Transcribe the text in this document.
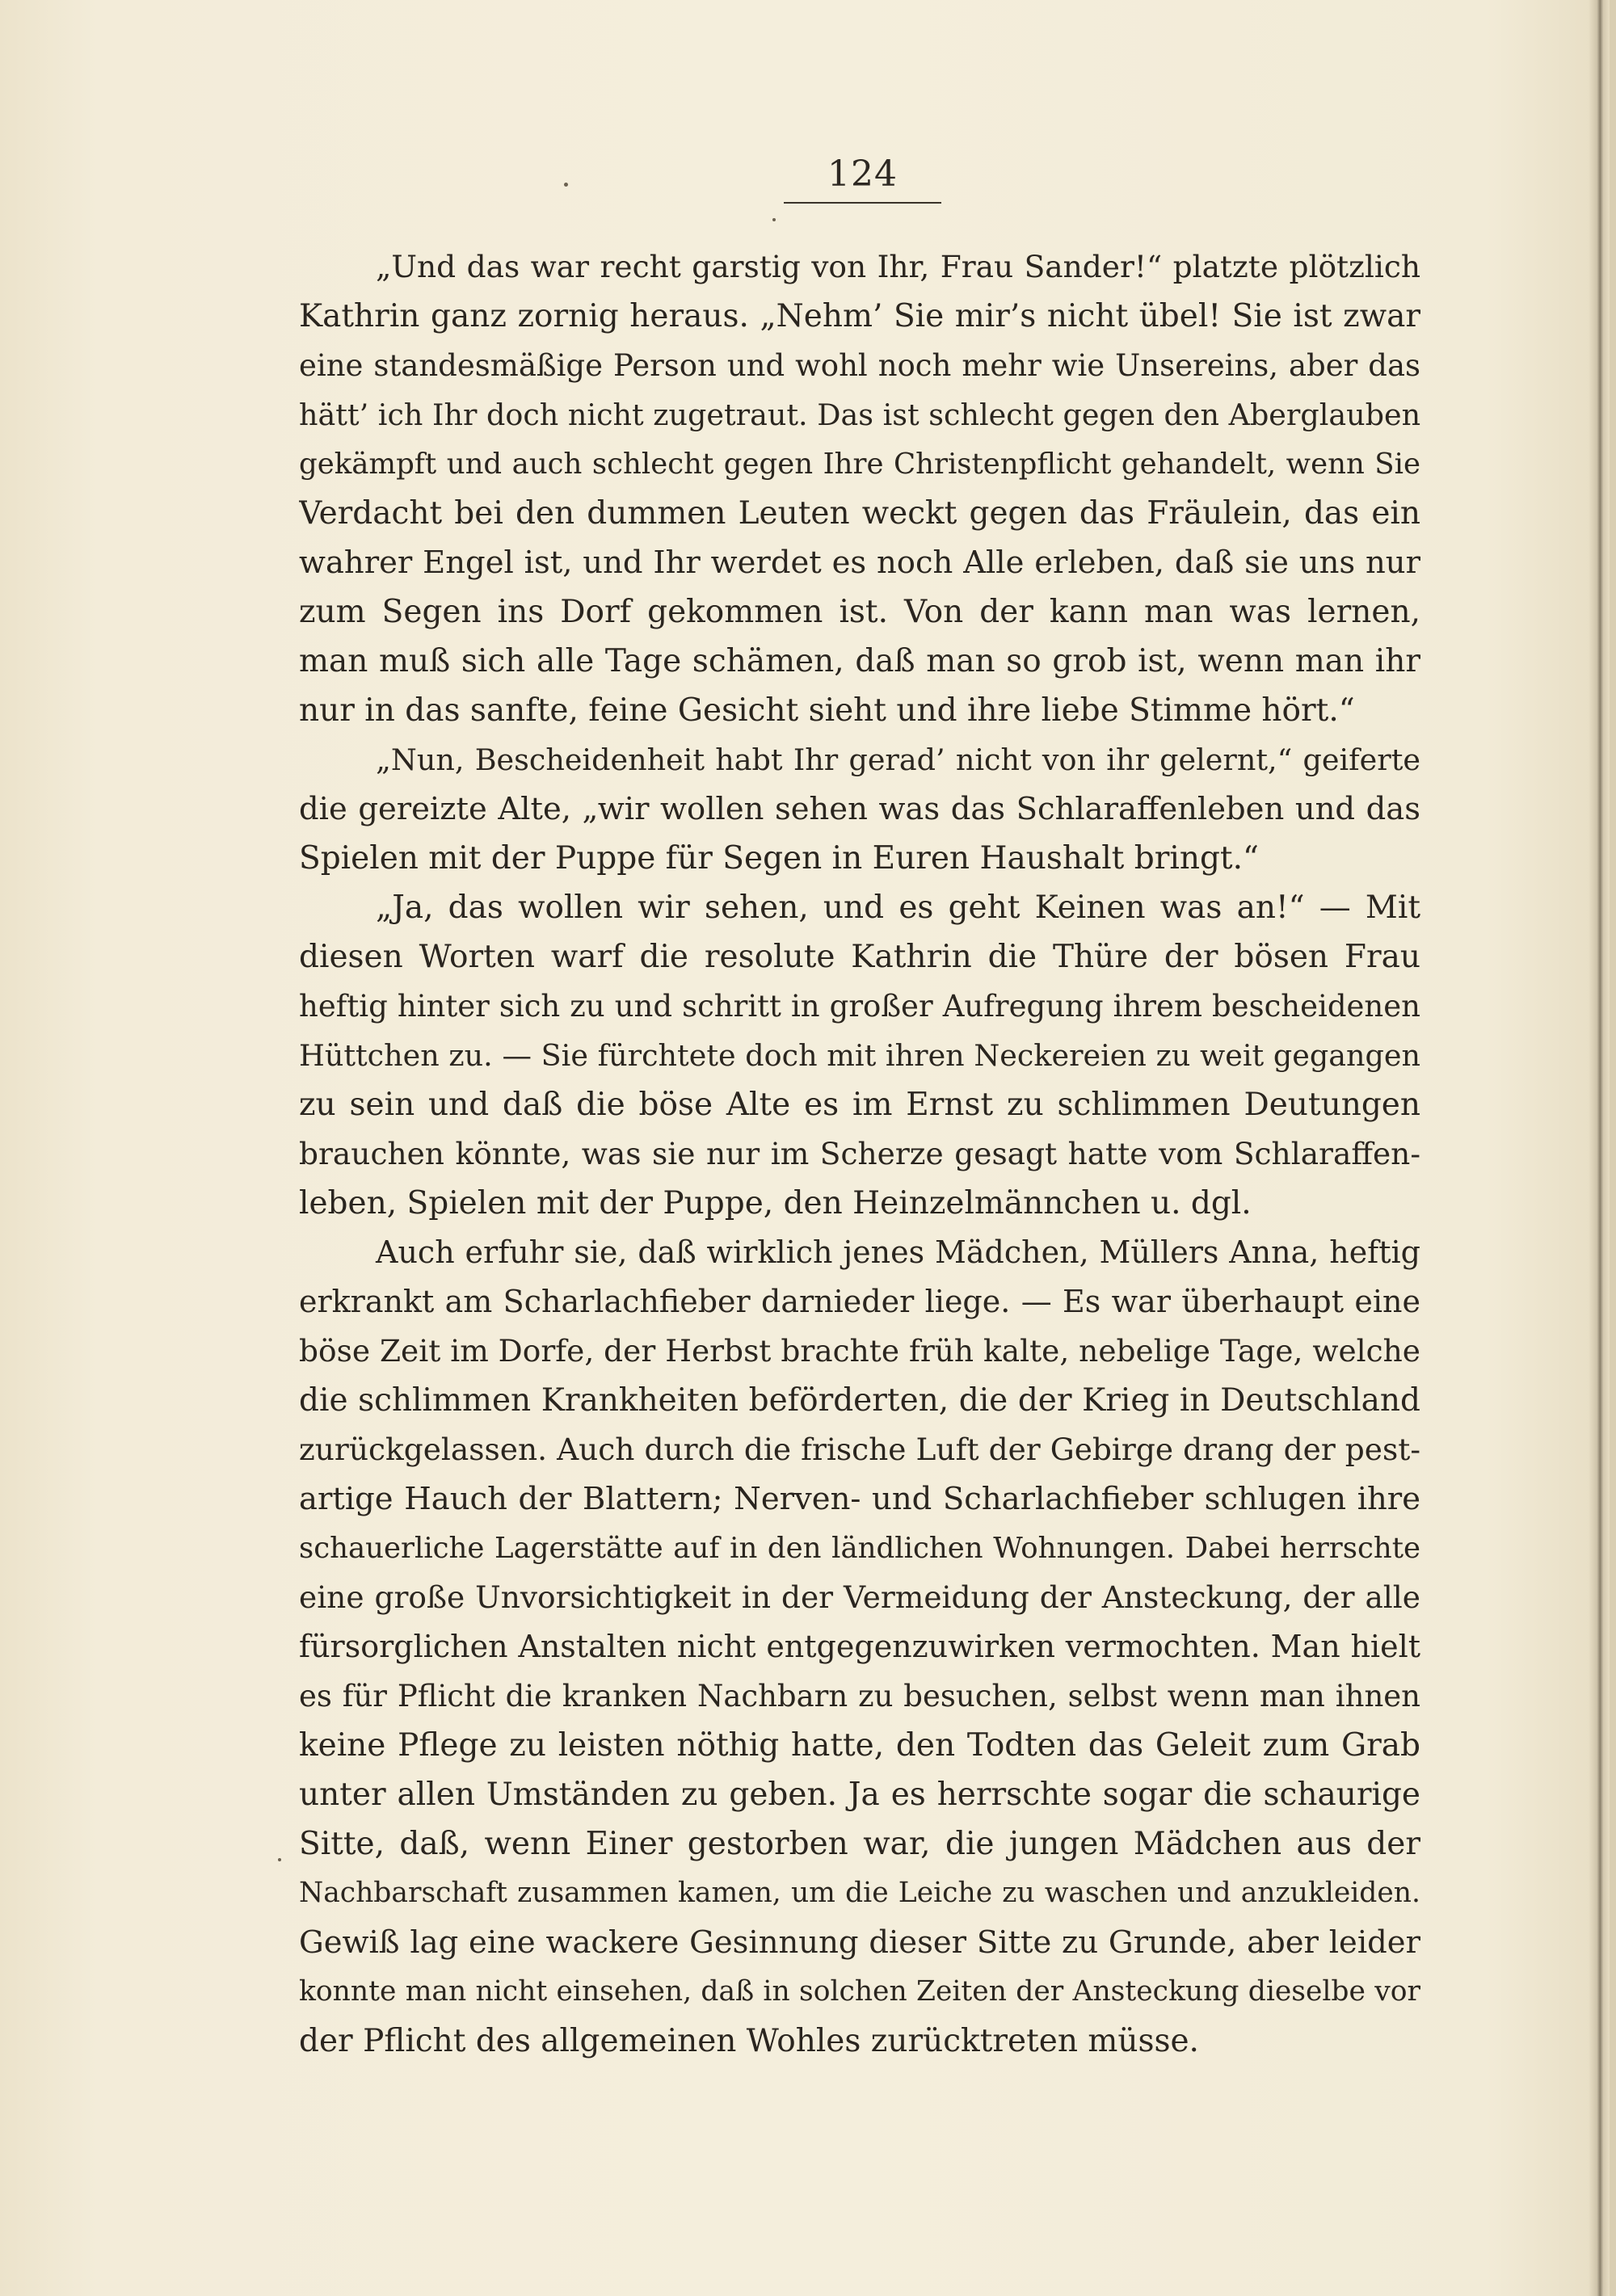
124
„Und das war recht garstig von Ihr, Frau Sander!“ platzte plötzlich
Kathrin ganz zornig heraus. „Nehm’ Sie mir’s nicht übel! Sie ist zwar
eine standesmäßige Person und wohl noch mehr wie Unsereins, aber das
hätt’ ich Ihr doch nicht zugetraut. Das ist schlecht gegen den Aberglauben
gekämpft und auch schlecht gegen Ihre Christenpflicht gehandelt, wenn Sie
Verdacht bei den dummen Leuten weckt gegen das Fräulein, das ein
wahrer Engel ist, und Ihr werdet es noch Alle erleben, daß sie uns nur
zum Segen ins Dorf gekommen ist. Von der kann man was lernen,
man muß sich alle Tage schämen, daß man so grob ist, wenn man ihr
nur in das sanfte, feine Gesicht sieht und ihre liebe Stimme hört.“
„Nun, Bescheidenheit habt Ihr gerad’ nicht von ihr gelernt,“ geiferte
die gereizte Alte, „wir wollen sehen was das Schlaraffenleben und das
Spielen mit der Puppe für Segen in Euren Haushalt bringt.“
„Ja, das wollen wir sehen, und es geht Keinen was an!“ — Mit
diesen Worten warf die resolute Kathrin die Thüre der bösen Frau
heftig hinter sich zu und schritt in großer Aufregung ihrem bescheidenen
Hüttchen zu. — Sie fürchtete doch mit ihren Neckereien zu weit gegangen
zu sein und daß die böse Alte es im Ernst zu schlimmen Deutungen
brauchen könnte, was sie nur im Scherze gesagt hatte vom Schlaraffen-
leben, Spielen mit der Puppe, den Heinzelmännchen u. dgl.
Auch erfuhr sie, daß wirklich jenes Mädchen, Müllers Anna, heftig
erkrankt am Scharlachfieber darnieder liege. — Es war überhaupt eine
böse Zeit im Dorfe, der Herbst brachte früh kalte, nebelige Tage, welche
die schlimmen Krankheiten beförderten, die der Krieg in Deutschland
zurückgelassen. Auch durch die frische Luft der Gebirge drang der pest-
artige Hauch der Blattern; Nerven- und Scharlachfieber schlugen ihre
schauerliche Lagerstätte auf in den ländlichen Wohnungen. Dabei herrschte
eine große Unvorsichtigkeit in der Vermeidung der Ansteckung, der alle
fürsorglichen Anstalten nicht entgegenzuwirken vermochten. Man hielt
es für Pflicht die kranken Nachbarn zu besuchen, selbst wenn man ihnen
keine Pflege zu leisten nöthig hatte, den Todten das Geleit zum Grab
unter allen Umständen zu geben. Ja es herrschte sogar die schaurige
Sitte, daß, wenn Einer gestorben war, die jungen Mädchen aus der
Nachbarschaft zusammen kamen, um die Leiche zu waschen und anzukleiden.
Gewiß lag eine wackere Gesinnung dieser Sitte zu Grunde, aber leider
konnte man nicht einsehen, daß in solchen Zeiten der Ansteckung dieselbe vor
der Pflicht des allgemeinen Wohles zurücktreten müsse.
